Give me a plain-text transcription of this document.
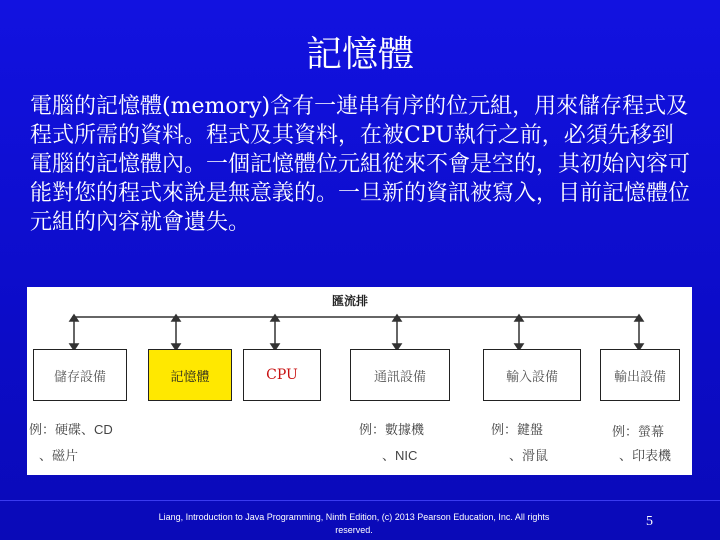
記憶體
電腦的記憶體(memory)含有一連串有序的位元組，用來儲存程式及程式所需的資料。程式及其資料，在被CPU執行之前，必須先移到電腦的記憶體內。一個記憶體位元組從來不會是空的，其初始內容可能對您的程式來說是無意義的。一旦新的資訊被寫入，目前記憶體位元組的內容就會遺失。
匯流排
儲存設備	記憶體	CPU	通訊設備	輸入設備	輸出設備
例：硬碟、CD
、磁片
例：數據機
、NIC
例：鍵盤
、滑鼠
例：螢幕
、印表機
Liang, Introduction to Java Programming, Ninth Edition, (c) 2013 Pearson Education, Inc. All rights reserved.
5
